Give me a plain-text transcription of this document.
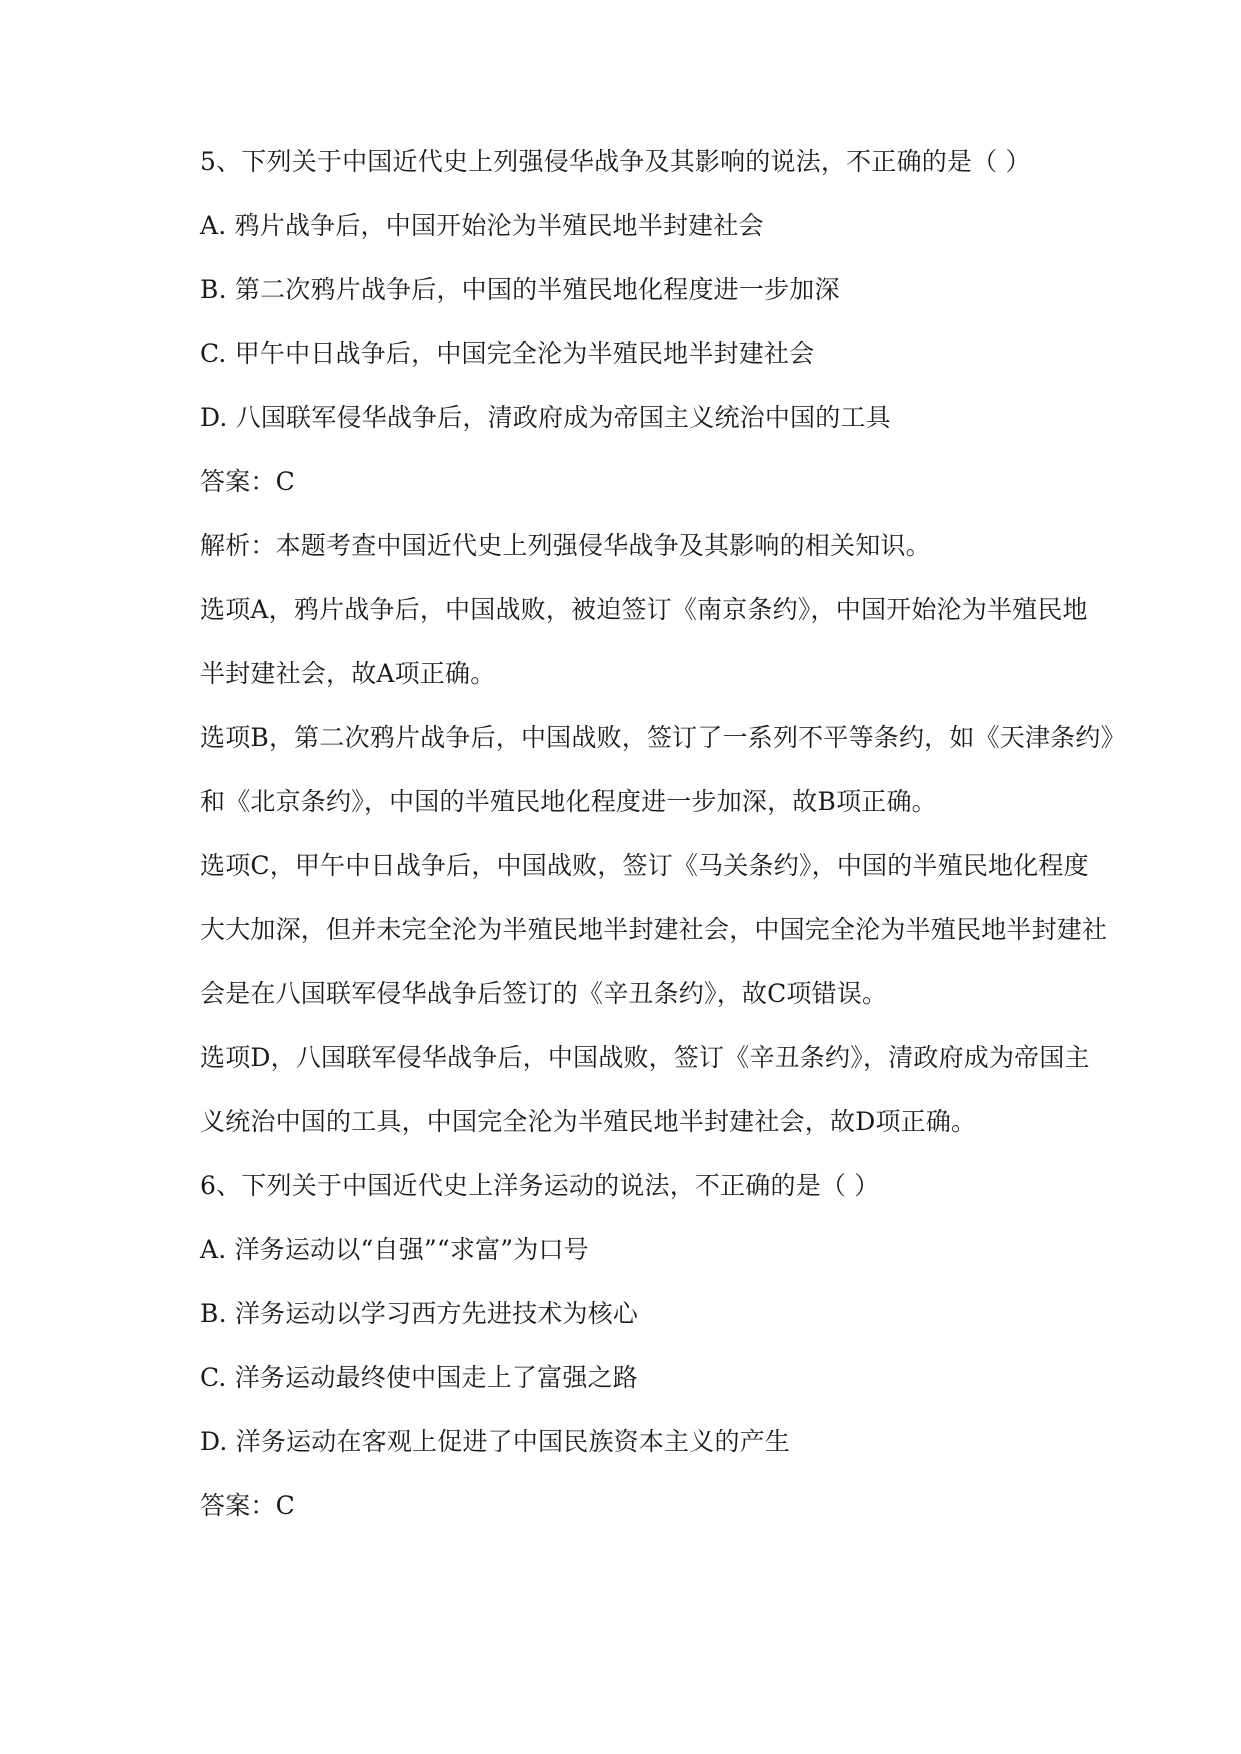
5、下列关于中国近代史上列强侵华战争及其影响的说法，不正确的是（ ）
A. 鸦片战争后，中国开始沦为半殖民地半封建社会
B. 第二次鸦片战争后，中国的半殖民地化程度进一步加深
C. 甲午中日战争后，中国完全沦为半殖民地半封建社会
D. 八国联军侵华战争后，清政府成为帝国主义统治中国的工具
答案：C
解析：本题考查中国近代史上列强侵华战争及其影响的相关知识。
选项A，鸦片战争后，中国战败，被迫签订《南京条约》，中国开始沦为半殖民地
半封建社会，故A项正确。
选项B，第二次鸦片战争后，中国战败，签订了一系列不平等条约，如《天津条约》
和《北京条约》，中国的半殖民地化程度进一步加深，故B项正确。
选项C，甲午中日战争后，中国战败，签订《马关条约》，中国的半殖民地化程度
大大加深，但并未完全沦为半殖民地半封建社会，中国完全沦为半殖民地半封建社
会是在八国联军侵华战争后签订的《辛丑条约》，故C项错误。
选项D，八国联军侵华战争后，中国战败，签订《辛丑条约》，清政府成为帝国主
义统治中国的工具，中国完全沦为半殖民地半封建社会，故D项正确。
6、下列关于中国近代史上洋务运动的说法，不正确的是（ ）
A. 洋务运动以“自强”“求富”为口号
B. 洋务运动以学习西方先进技术为核心
C. 洋务运动最终使中国走上了富强之路
D. 洋务运动在客观上促进了中国民族资本主义的产生
答案：C
